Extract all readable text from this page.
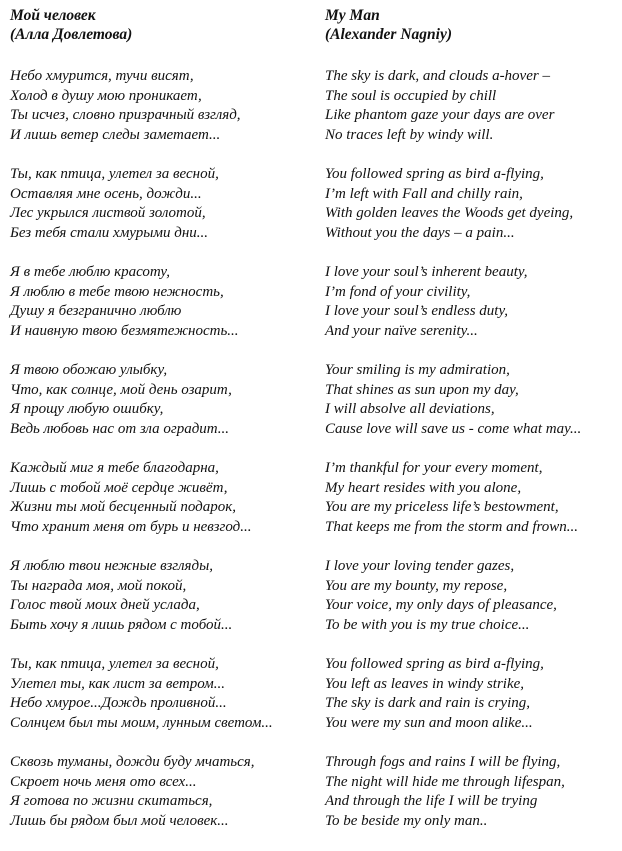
Мой человек
(Алла Довлетова)
Небо хмурится, тучи висят,
Холод в душу мою проникает,
Ты исчез, словно призрачный взгляд,
И лишь ветер следы заметает...
Ты, как птица, улетел за весной,
Оставляя мне осень, дожди...
Лес укрылся листвой золотой,
Без тебя стали хмурыми дни...
Я в тебе люблю красоту,
Я люблю в тебе твою нежность,
Душу я безгранично люблю
И наивную твою безмятежность...
Я твою обожаю улыбку,
Что, как солнце, мой день озарит,
Я прощу любую ошибку,
Ведь любовь нас от зла оградит...
Каждый миг я тебе благодарна,
Лишь с тобой моё сердце живёт,
Жизни ты мой бесценный подарок,
Что хранит меня от бурь и невзгод...
Я люблю твои нежные взгляды,
Ты награда моя, мой покой,
Голос твой моих дней услада,
Быть хочу я лишь рядом с тобой...
Ты, как птица, улетел за весной,
Улетел ты, как лист за ветром...
Небо хмурое...Дождь проливной...
Солнцем был ты моим, лунным светом...
Сквозь туманы, дожди буду мчаться,
Скроет ночь меня ото всех...
Я готова по жизни скитаться,
Лишь бы рядом был мой человек...
My Man
(Alexander Nagniy)
The sky is dark, and clouds a-hover –
The soul is occupied by chill
Like phantom gaze your days are over
No traces left by windy will.
You followed spring as bird a-flying,
I’m left with Fall and chilly rain,
With golden leaves the Woods get dyeing,
Without you the days – a pain...
I love your soul’s inherent beauty,
I’m fond of your civility,
I love your soul’s endless duty,
And your naïve serenity...
Your smiling is my admiration,
That shines as sun upon my day,
I will absolve all deviations,
Cause love will save us - come what may...
I’m thankful for your every moment,
My heart resides with you alone,
You are my priceless life’s bestowment,
That keeps me from the storm and frown...
I love your loving tender gazes,
You are my bounty, my repose,
Your voice, my only days of pleasance,
To be with you is my true choice...
You followed spring as bird a-flying,
You left as leaves in windy strike,
The sky is dark and rain is crying,
You were my sun and moon alike...
Through fogs and rains I will be flying,
The night will hide me through lifespan,
And through the life I will be trying
To be beside my only man..
